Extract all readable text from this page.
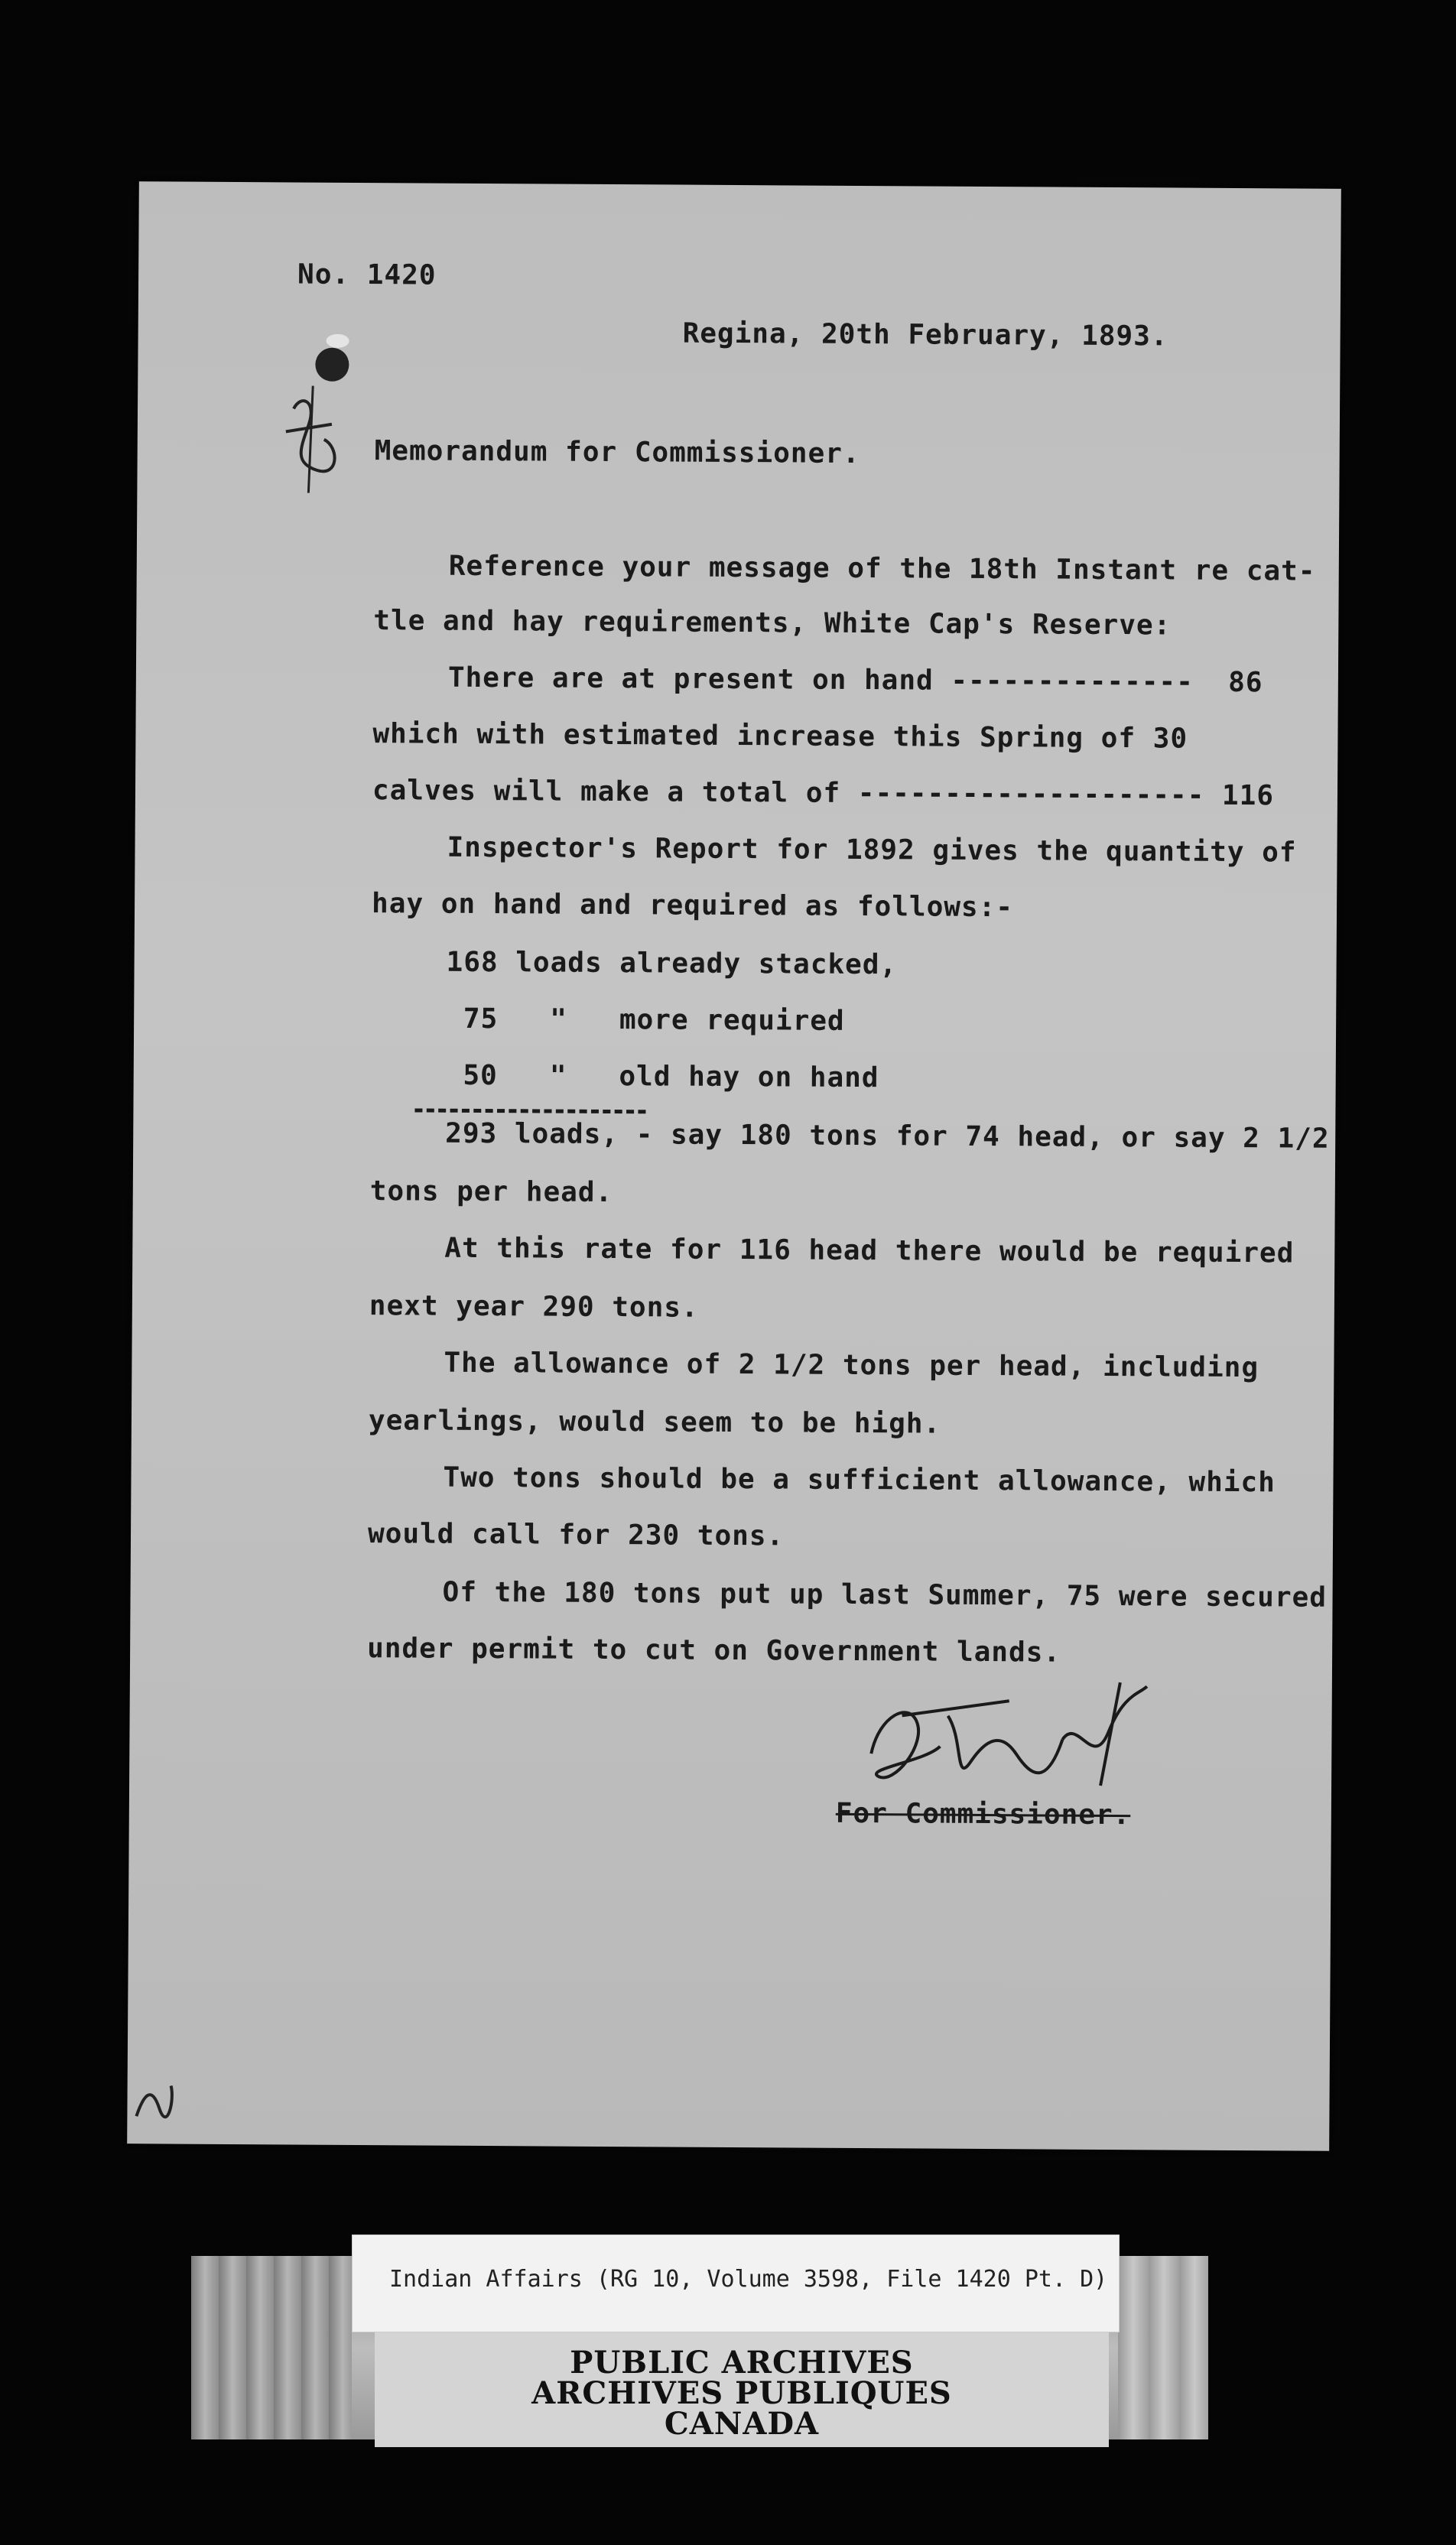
No. 1420
Regina, 20th February, 1893.
Memorandum for Commissioner.
Reference your message of the 18th Instant re cat-
tle and hay requirements, White Cap's Reserve:
There are at present on hand --------------  86
which with estimated increase this Spring of 30
calves will make a total of -------------------- 116
Inspector's Report for 1892 gives the quantity of
hay on hand and required as follows:-
168 loads already stacked,
75   "   more required
50   "   old hay on hand
293 loads, - say 180 tons for 74 head, or say 2 1/2
tons per head.
At this rate for 116 head there would be required
next year 290 tons.
The allowance of 2 1/2 tons per head, including
yearlings, would seem to be high.
Two tons should be a sufficient allowance, which
would call for 230 tons.
Of the 180 tons put up last Summer, 75 were secured
under permit to cut on Government lands.
For Commissioner.
Indian Affairs (RG 10, Volume 3598, File 1420 Pt. D)
PUBLIC ARCHIVES
ARCHIVES PUBLIQUES
CANADA
